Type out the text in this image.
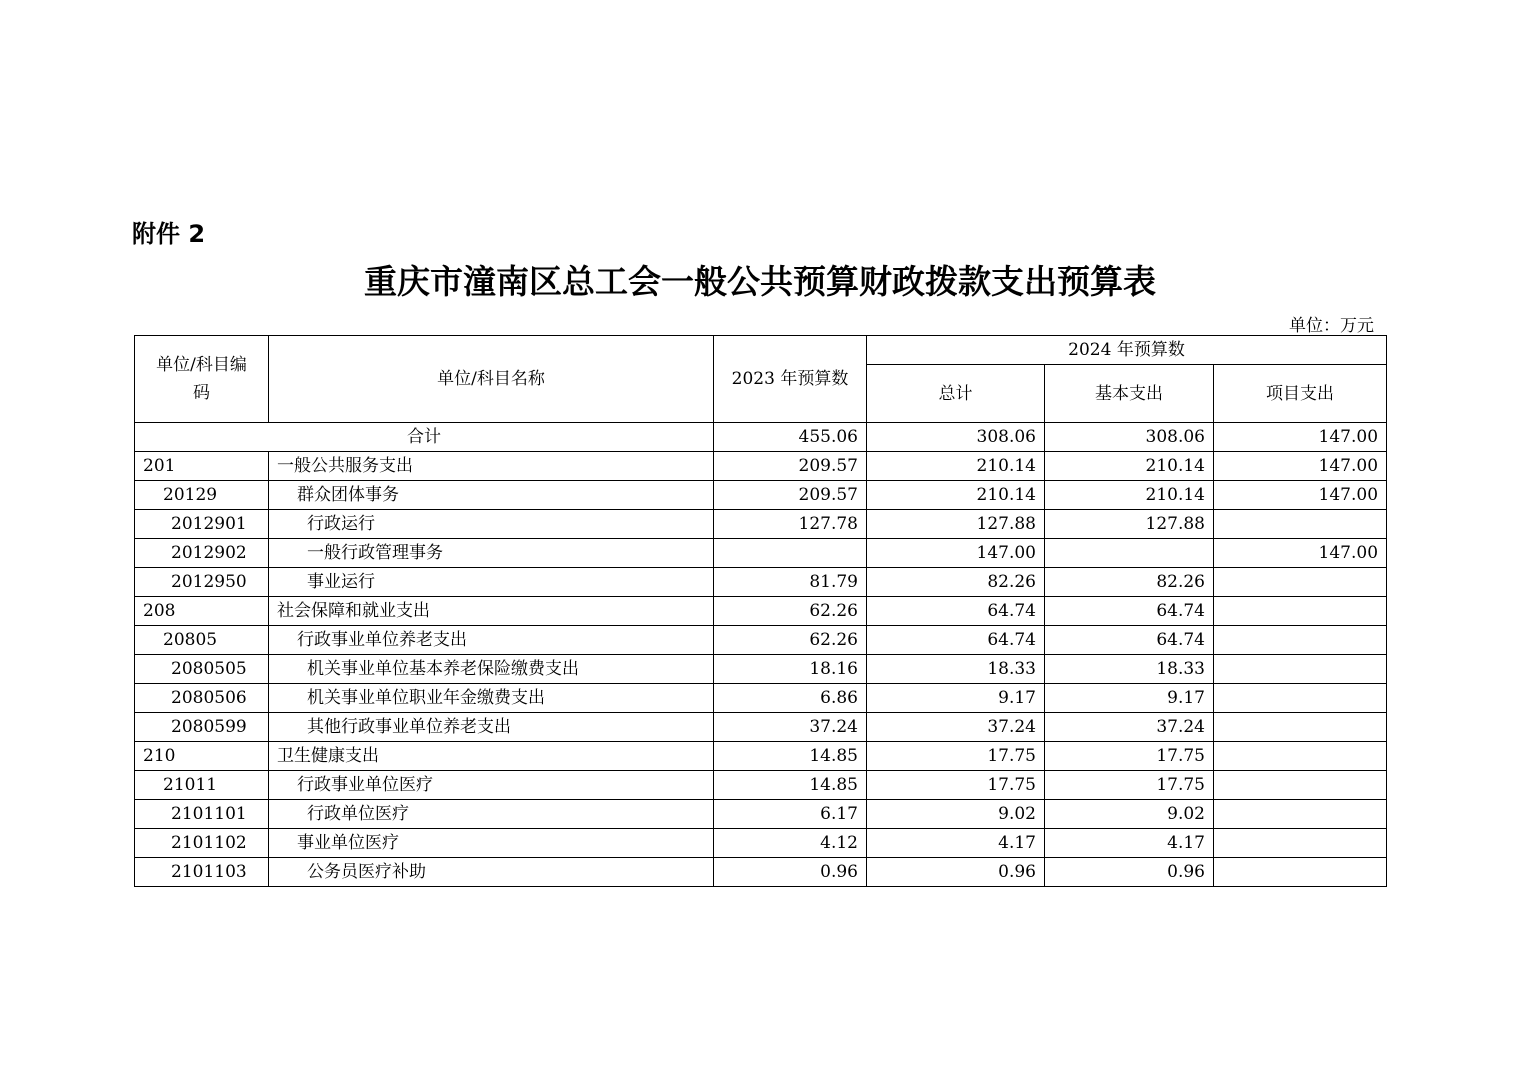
附件 2
重庆市潼南区总工会一般公共预算财政拨款支出预算表
单位：万元
单位/科目编码	单位/科目名称	2023 年预算数	2024 年预算数		
			总计	基本支出	项目支出
合计		455.06	308.06	308.06	147.00
201	一般公共服务支出	209.57	210.14	210.14	147.00
20129	群众团体事务	209.57	210.14	210.14	147.00
2012901	行政运行	127.78	127.88	127.88	
2012902	一般行政管理事务		147.00		147.00
2012950	事业运行	81.79	82.26	82.26	
208	社会保障和就业支出	62.26	64.74	64.74	
20805	行政事业单位养老支出	62.26	64.74	64.74	
2080505	机关事业单位基本养老保险缴费支出	18.16	18.33	18.33	
2080506	机关事业单位职业年金缴费支出	6.86	9.17	9.17	
2080599	其他行政事业单位养老支出	37.24	37.24	37.24	
210	卫生健康支出	14.85	17.75	17.75	
21011	行政事业单位医疗	14.85	17.75	17.75	
2101101	行政单位医疗	6.17	9.02	9.02	
2101102	事业单位医疗	4.12	4.17	4.17	
2101103	公务员医疗补助	0.96	0.96	0.96	
